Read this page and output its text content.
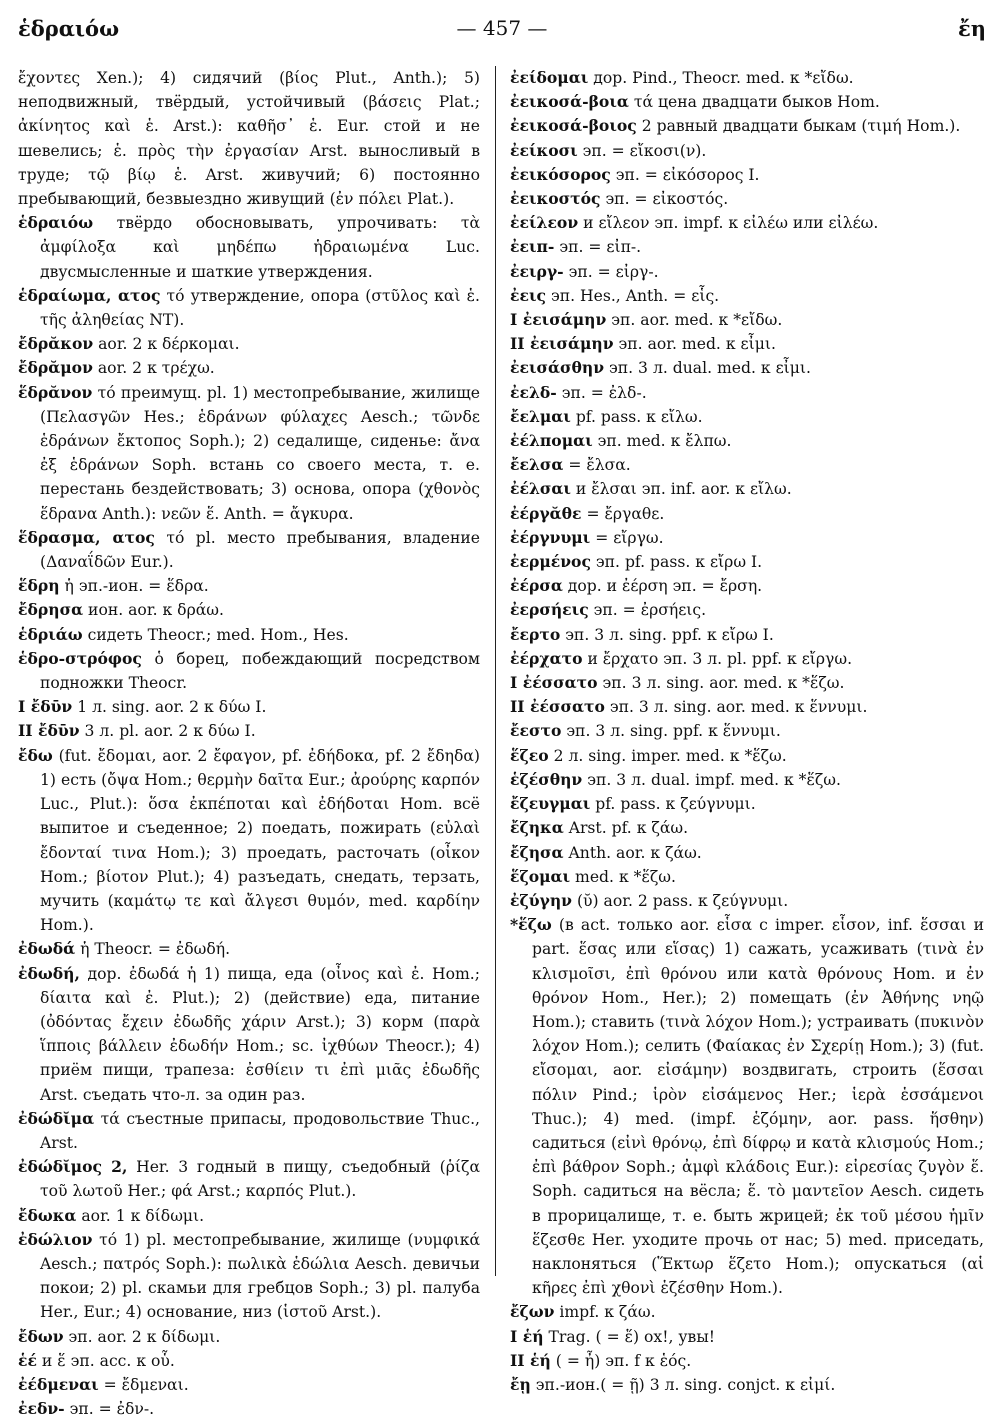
ἑδραιόω	— 457 —	ἔη

ἔχοντες Xen.); 4) сидячий (βίος Plut., Anth.); 5) неподвижный, твёрдый, устойчивый (βάσεις Plat.; ἀκίνητος καὶ ἑ. Arst.): καθῆσ᾽ ἑ. Eur. стой и не шевелись; ἑ. πρὸς τὴν ἐργασίαν Arst. выносливый в труде; τῷ βίῳ ἑ. Arst. живучий; 6) постоянно пребывающий, безвыездно живущий (ἐν πόλει Plat.).

ἑδραιόω твёрдо обосновывать, упрочивать: τὰ ἀμφίλοξα καὶ μηδέπω ἡδραιωμένα Luc. двусмысленные и шаткие утверждения.

ἑδραίωμα, ατος τό утверждение, опора (στῦλος καὶ ἑ. τῆς ἀληθείας NT).

ἔδρᾰκον aor. 2 к δέρκομαι.

ἔδρᾰμον aor. 2 к τρέχω.

ἕδρᾰνον τό преимущ. pl. 1) местопребывание, жилище (Πελασγῶν Hes.; ἑδράνων φύλαχες Aesch.; τῶνδε ἑδράνων ἔκτοπος Soph.); 2) седалище, сиденье: ἄνα ἐξ ἑδράνων Soph. встань со своего места, т. е. перестань бездействовать; 3) основа, опора (χθονὸς ἕδρανα Anth.): νεῶν ἕ. Anth. = ἄγκυρα.

ἕδρασμα, ατος τό pl. место пребывания, владение (Δαναΐδῶν Eur.).

ἕδρη ἡ эп.-ион. = ἕδρα.

ἔδρησα ион. aor. к δράω.

ἑδριάω сидеть Theocr.; med. Hom., Hes.

ἑδρο-στρόφος ὁ борец, побеждающий посредством подножки Theocr.

I ἔδῡν 1 л. sing. aor. 2 к δύω I.

II ἔδῡν 3 л. pl. aor. 2 к δύω I.

ἔδω (fut. ἔδομαι, aor. 2 ἔφαγον, pf. ἐδήδοκα, pf. 2 ἔδηδα) 1) есть (ὄψα Hom.; θερμὴν δαῖτα Eur.; ἀρούρης καρπόν Luc., Plut.): ὅσα ἐκπέποται καὶ ἐδήδοται Hom. всё выпитое и съеденное; 2) поедать, пожирать (εὐλαὶ ἔδονταί τινα Hom.); 3) проедать, расточать (οἶκον Hom.; βίοτον Plut.); 4) разъедать, снедать, терзать, мучить (καμάτῳ τε καὶ ἄλγεσι θυμόν, med. καρδίην Hom.).

ἐδωδά ἡ Theocr. = ἐδωδή.

ἐδωδή, дор. ἐδωδά ἡ 1) пища, еда (οἶνος καὶ ἐ. Hom.; δίαιτα καὶ ἐ. Plut.); 2) (действие) еда, питание (ὀδόντας ἔχειν ἐδωδῆς χάριν Arst.); 3) корм (παρὰ ἵπποις βάλλειν ἐδωδήν Hom.; sc. ἰχθύων Theocr.); 4) приём пищи, трапеза: ἐσθίειν τι ἐπὶ μιᾶς ἐδωδῆς Arst. съедать что-л. за один раз.

ἐδώδῐμα τά съестные припасы, продовольствие Thuc., Arst.

ἐδώδῐμος 2, Her. 3 годный в пищу, съедобный (ῥίζα τοῦ λωτοῦ Her.; φά Arst.; καρπός Plut.).

ἔδωκα aor. 1 к δίδωμι.

ἐδώλιον τό 1) pl. местопребывание, жилище (νυμφικά Aesch.; πατρός Soph.): πωλικὰ ἑδώλια Aesch. девичьи покои; 2) pl. скамьи для гребцов Soph.; 3) pl. палуба Her., Eur.; 4) основание, низ (ἱστοῦ Arst.).

ἔδων эп. aor. 2 к δίδωμι.

ἑέ и ἕ эп. acc. к οὗ.

ἐέδμεναι = ἔδμεναι.

ἐεδν- эп. = ἐδν-.

ἐείδομαι дор. Pind., Theocr. med. к *εἴδω.

ἐεικοσά-βοια τά цена двадцати быков Hom.

ἐεικοσά-βοιος 2 равный двадцати быкам (τιμή Hom.).

ἐείκοσι эп. = εἴκοσι(ν).

ἐεικόσορος эп. = εἰκόσορος I.

ἐεικοστός эп. = εἰκοστός.

ἐείλεον и εἴλεον эп. impf. к εἰλέω или εἰλέω.

ἐειπ- эп. = εἰπ-.

ἐειργ- эп. = εἰργ-.

ἐεις эп. Hes., Anth. = εἷς.

I ἐεισάμην эп. aor. med. к *εἴδω.

II ἐεισάμην эп. aor. med. к εἶμι.

ἐεισάσθην эп. 3 л. dual. med. к εἶμι.

ἐελδ- эп. = ἐλδ-.

ἔελμαι pf. pass. к εἴλω.

ἐέλπομαι эп. med. к ἔλπω.

ἔελσα = ἔλσα.

ἐέλσαι и ἔλσαι эп. inf. aor. к εἴλω.

ἐέργᾰθε = ἔργαθε.

ἐέργνυμι = εἴργω.

ἐερμένος эп. pf. pass. к εἴρω I.

ἐέρσα дор. и ἐέρση эп. = ἔρση.

ἐερσήεις эп. = ἐρσήεις.

ἔερτο эп. 3 л. sing. ppf. к εἴρω I.

ἐέρχατο и ἔρχατο эп. 3 л. pl. ppf. к εἴργω.

I ἐέσσατο эп. 3 л. sing. aor. med. к *ἕζω.

II ἐέσσατο эп. 3 л. sing. aor. med. к ἕννυμι.

ἔεστο эп. 3 л. sing. ppf. к ἕννυμι.

ἕζεο 2 л. sing. imper. med. к *ἕζω.

ἑζέσθην эп. 3 л. dual. impf. med. к *ἕζω.

ἔζευγμαι pf. pass. к ζεύγνυμι.

ἔζηκα Arst. pf. к ζάω.

ἔζησα Anth. aor. к ζάω.

ἕζομαι med. к *ἕζω.

ἐζύγην (ῠ) aor. 2 pass. к ζεύγνυμι.

*ἕζω (в act. только aor. εἷσα с imper. εἷσον, inf. ἕσσαι и part. ἕσας или εἵσας) 1) сажать, усаживать (τινὰ ἐν κλισμοῖσι, ἐπὶ θρόνου или κατὰ θρόνους Hom. и ἐν θρόνον Hom., Her.); 2) помещать (ἐν Ἀθήνης νηῷ Hom.); ставить (τινὰ λόχον Hom.); устраивать (πυκινὸν λόχον Hom.); селить (Φαίακας ἐν Σχερίῃ Hom.); 3) (fut. εἴσομαι, aor. εἰσάμην) воздвигать, строить (ἕσσαι πόλιν Pind.; ἱρὸν εἰσάμενος Her.; ἱερὰ ἑσσάμενοι Thuc.); 4) med. (impf. ἑζόμην, aor. pass. ἥσθην) садиться (εἰνὶ θρόνῳ, ἐπὶ δίφρῳ и κατὰ κλισμούς Hom.; ἐπὶ βάθρον Soph.; ἀμφὶ κλάδοις Eur.): εἰρεσίας ζυγὸν ἕ. Soph. садиться на вёсла; ἕ. τὸ μαντεῖον Aesch. сидеть в прорицалище, т. е. быть жрицей; ἐκ τοῦ μέσου ἡμῖν ἕζεσθε Her. уходите прочь от нас; 5) med. приседать, наклоняться (Ἕκτωρ ἕζετο Hom.); опускаться (αἱ κῆρες ἐπὶ χθονὶ ἑζέσθην Hom.).

ἔζων impf. к ζάω.

I ἑή Trag. ( = ἕ) ох!, увы!

II ἑή ( = ἦ) эп. f к ἑός.

ἔῃ эп.-ион.( = ῇ) 3 л. sing. conjct. к εἰμί.
